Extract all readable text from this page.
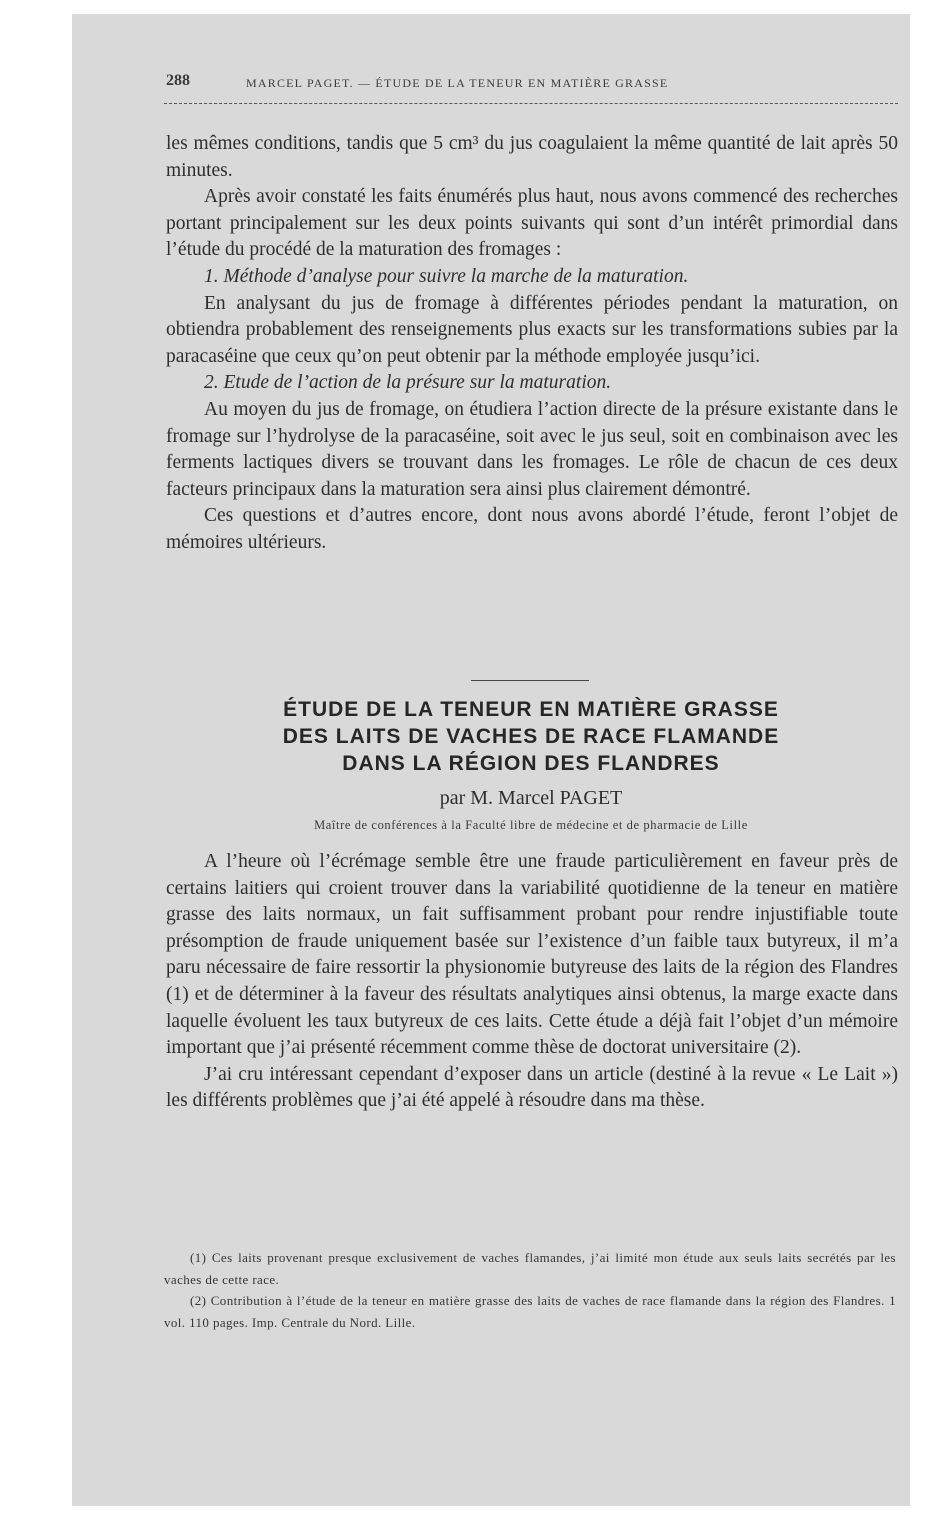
288	MARCEL PAGET. — ÉTUDE DE LA TENEUR EN MATIÈRE GRASSE

les mêmes conditions, tandis que 5 cm³ du jus coagulaient la même quantité de lait après 50 minutes.

Après avoir constaté les faits énumérés plus haut, nous avons commencé des recherches portant principalement sur les deux points suivants qui sont d’un intérêt primordial dans l’étude du procédé de la maturation des fromages :

1. Méthode d’analyse pour suivre la marche de la maturation.

En analysant du jus de fromage à différentes périodes pendant la maturation, on obtiendra probablement des renseignements plus exacts sur les transformations subies par la paracaséine que ceux qu’on peut obtenir par la méthode employée jusqu’ici.

2. Etude de l’action de la présure sur la maturation.

Au moyen du jus de fromage, on étudiera l’action directe de la présure existante dans le fromage sur l’hydrolyse de la paracaséine, soit avec le jus seul, soit en combinaison avec les ferments lactiques divers se trouvant dans les fromages. Le rôle de chacun de ces deux facteurs principaux dans la maturation sera ainsi plus clairement démontré.

Ces questions et d’autres encore, dont nous avons abordé l’étude, feront l’objet de mémoires ultérieurs.

ÉTUDE DE LA TENEUR EN MATIÈRE GRASSE
DES LAITS DE VACHES DE RACE FLAMANDE
DANS LA RÉGION DES FLANDRES
par M. Marcel PAGET
Maître de conférences à la Faculté libre de médecine et de pharmacie de Lille

A l’heure où l’écrémage semble être une fraude particulièrement en faveur près de certains laitiers qui croient trouver dans la variabilité quotidienne de la teneur en matière grasse des laits normaux, un fait suffisamment probant pour rendre injustifiable toute présomption de fraude uniquement basée sur l’existence d’un faible taux butyreux, il m’a paru nécessaire de faire ressortir la physionomie butyreuse des laits de la région des Flandres (1) et de déterminer à la faveur des résultats analytiques ainsi obtenus, la marge exacte dans laquelle évoluent les taux butyreux de ces laits. Cette étude a déjà fait l’objet d’un mémoire important que j’ai présenté récemment comme thèse de doctorat universitaire (2).

J’ai cru intéressant cependant d’exposer dans un article (destiné à la revue « Le Lait ») les différents problèmes que j’ai été appelé à résoudre dans ma thèse.

(1) Ces laits provenant presque exclusivement de vaches flamandes, j’ai limité mon étude aux seuls laits secrétés par les vaches de cette race.

(2) Contribution à l’étude de la teneur en matière grasse des laits de vaches de race flamande dans la région des Flandres. 1 vol. 110 pages. Imp. Centrale du Nord. Lille.
